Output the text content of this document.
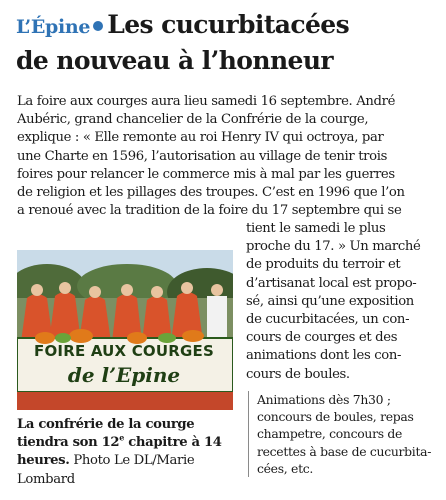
L’Épine Les cucurbitacées
de nouveau à l’honneur
La foire aux courges aura lieu samedi 16 septembre. André
Aubéric, grand chancelier de la Confrérie de la courge,
explique : « Elle remonte au roi Henry IV qui octroya, par
une Charte en 1596, l’autorisation au village de tenir trois
foires pour relancer le commerce mis à mal par les guerres
de religion et les pillages des troupes. C’est en 1996 que l’on
a renoué avec la tradition de la foire du 17 septembre qui se
tient le samedi le plus
proche du 17. » Un marché
de produits du terroir et
d’artisanat local est propo-
sé, ainsi qu’une exposition
de cucurbitacées, un con-
cours de courges et des
animations dont les con-
cours de boules.
FOIRE AUX COURGES
de l’Epine
La confrérie de la courge
tiendra son 12e chapitre à 14
heures. Photo Le DL/Marie
Lombard
Animations dès 7h30 ;
concours de boules, repas
champetre, concours de
recettes à base de cucurbita-
cées, etc.
